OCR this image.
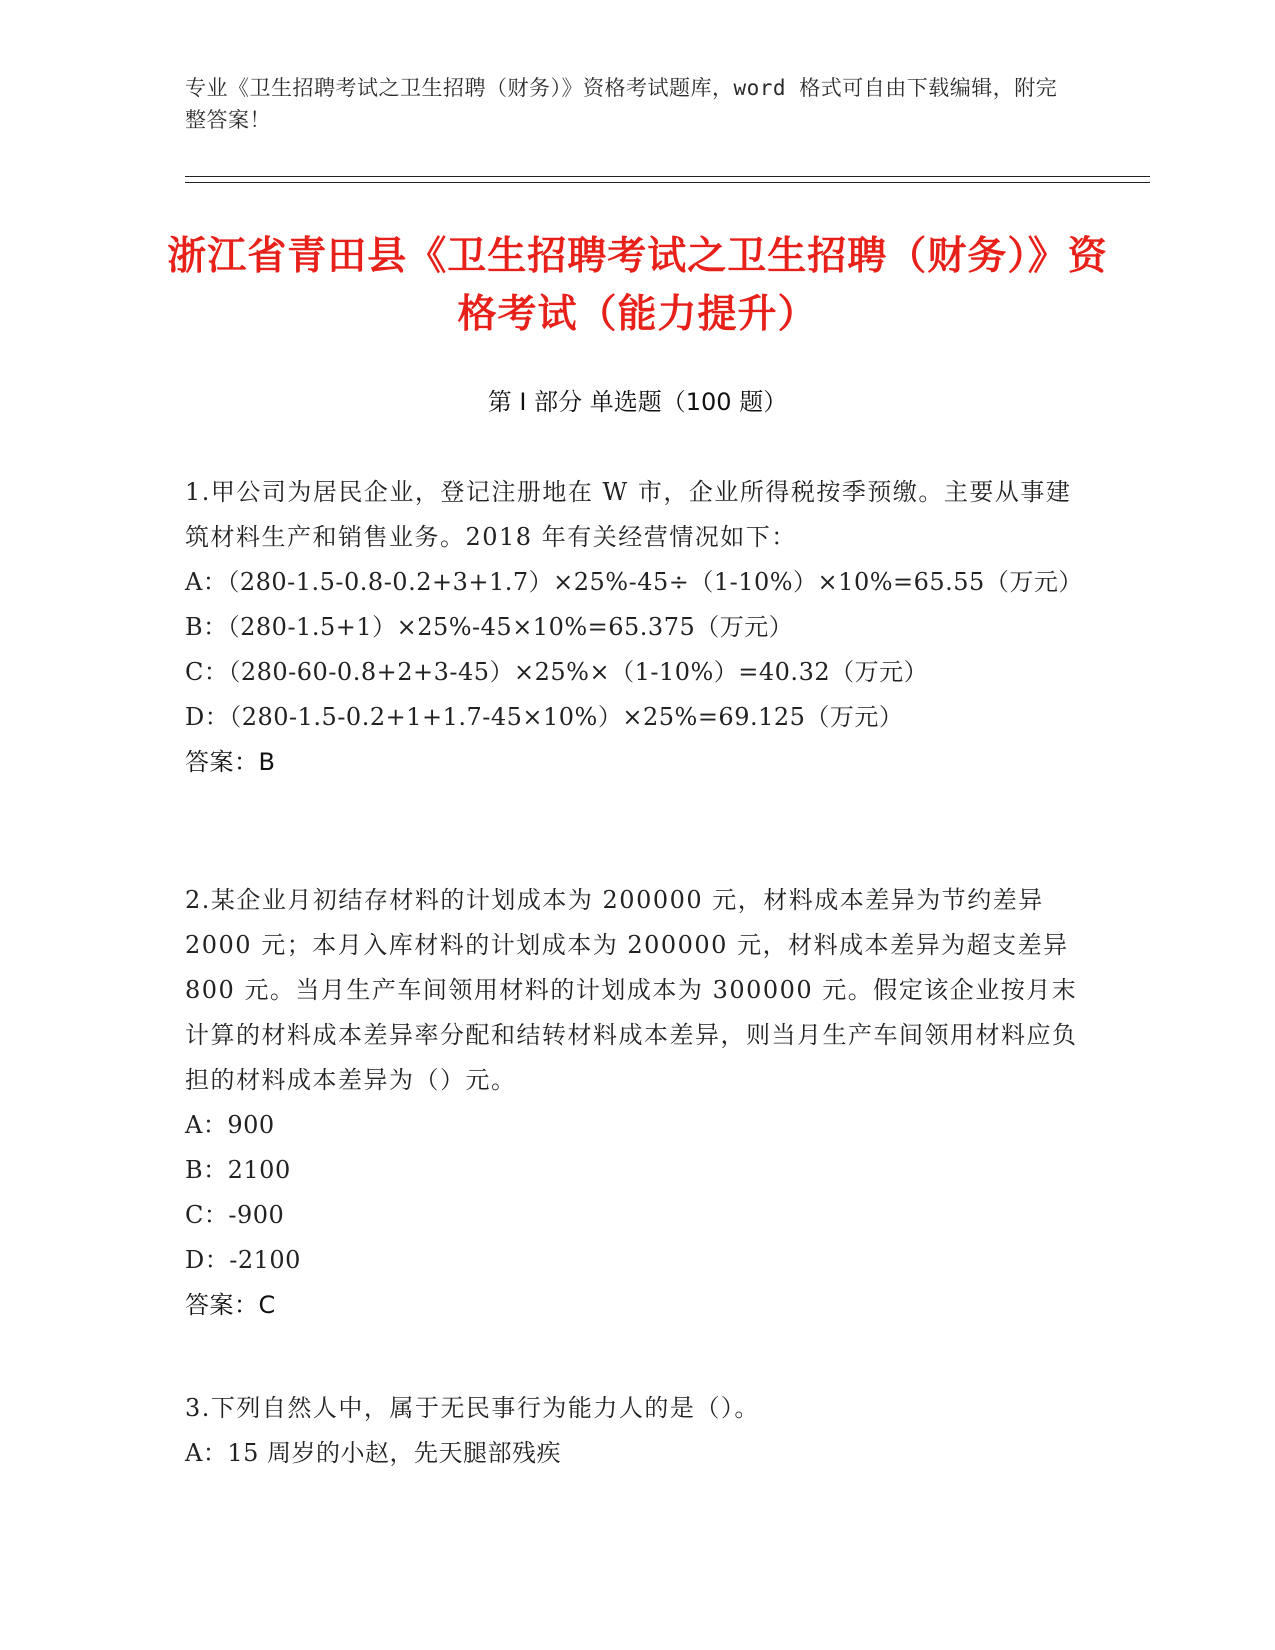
专业《卫生招聘考试之卫生招聘（财务）》资格考试题库，word 格式可自由下载编辑，附完整答案！
浙江省青田县《卫生招聘考试之卫生招聘（财务）》资格考试（能力提升）
第 I 部分 单选题（100 题）
1.甲公司为居民企业，登记注册地在 W 市，企业所得税按季预缴。主要从事建筑材料生产和销售业务。2018 年有关经营情况如下：
A：（280-1.5-0.8-0.2+3+1.7）×25%-45÷（1-10%）×10%=65.55（万元）
B：（280-1.5+1）×25%-45×10%=65.375（万元）
C：（280-60-0.8+2+3-45）×25%×（1-10%）=40.32（万元）
D：（280-1.5-0.2+1+1.7-45×10%）×25%=69.125（万元）
答案：B
2.某企业月初结存材料的计划成本为 200000 元，材料成本差异为节约差异 2000 元；本月入库材料的计划成本为 200000 元，材料成本差异为超支差异 800 元。当月生产车间领用材料的计划成本为 300000 元。假定该企业按月末计算的材料成本差异率分配和结转材料成本差异，则当月生产车间领用材料应负担的材料成本差异为（）元。
A：900
B：2100
C：-900
D：-2100
答案：C
3.下列自然人中，属于无民事行为能力人的是（）。
A：15 周岁的小赵，先天腿部残疾
